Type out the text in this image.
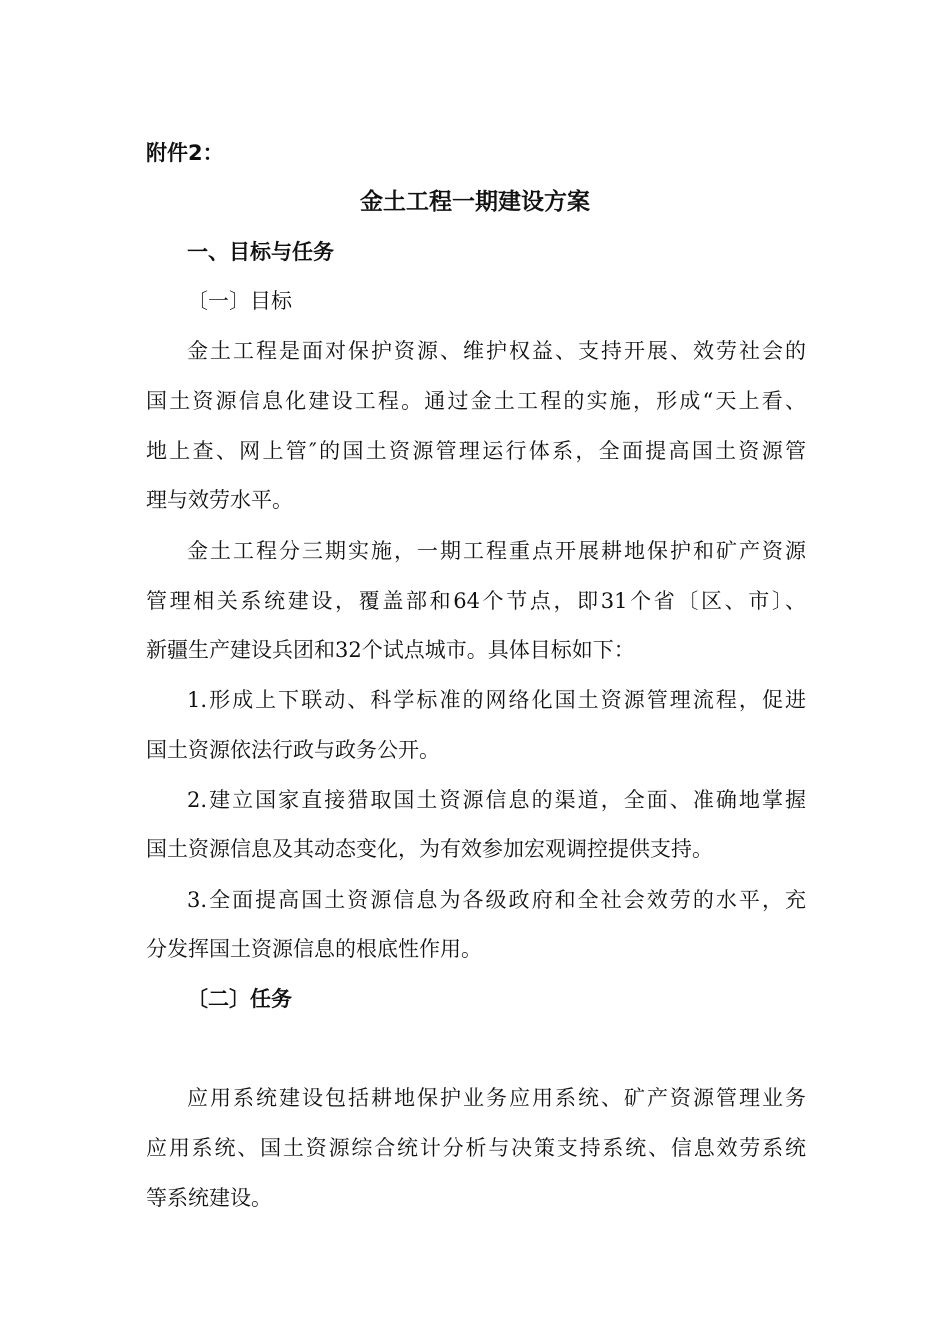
附件2：
金土工程一期建设方案
一、目标与任务
〔一〕目标
金土工程是面对保护资源、维护权益、支持开展、效劳社会的
国土资源信息化建设工程。通过金土工程的实施，形成“天上看、
地上查、网上管″的国土资源管理运行体系，全面提高国土资源管
理与效劳水平。
金土工程分三期实施，一期工程重点开展耕地保护和矿产资源
管理相关系统建设，覆盖部和64个节点，即31个省〔区、市〕、
新疆生产建设兵团和32个试点城市。具体目标如下：
1.形成上下联动、科学标准的网络化国土资源管理流程，促进
国土资源依法行政与政务公开。
2.建立国家直接猎取国土资源信息的渠道，全面、准确地掌握
国土资源信息及其动态变化，为有效参加宏观调控提供支持。
3.全面提高国土资源信息为各级政府和全社会效劳的水平，充
分发挥国土资源信息的根底性作用。
〔二〕任务
应用系统建设包括耕地保护业务应用系统、矿产资源管理业务
应用系统、国土资源综合统计分析与决策支持系统、信息效劳系统
等系统建设。
